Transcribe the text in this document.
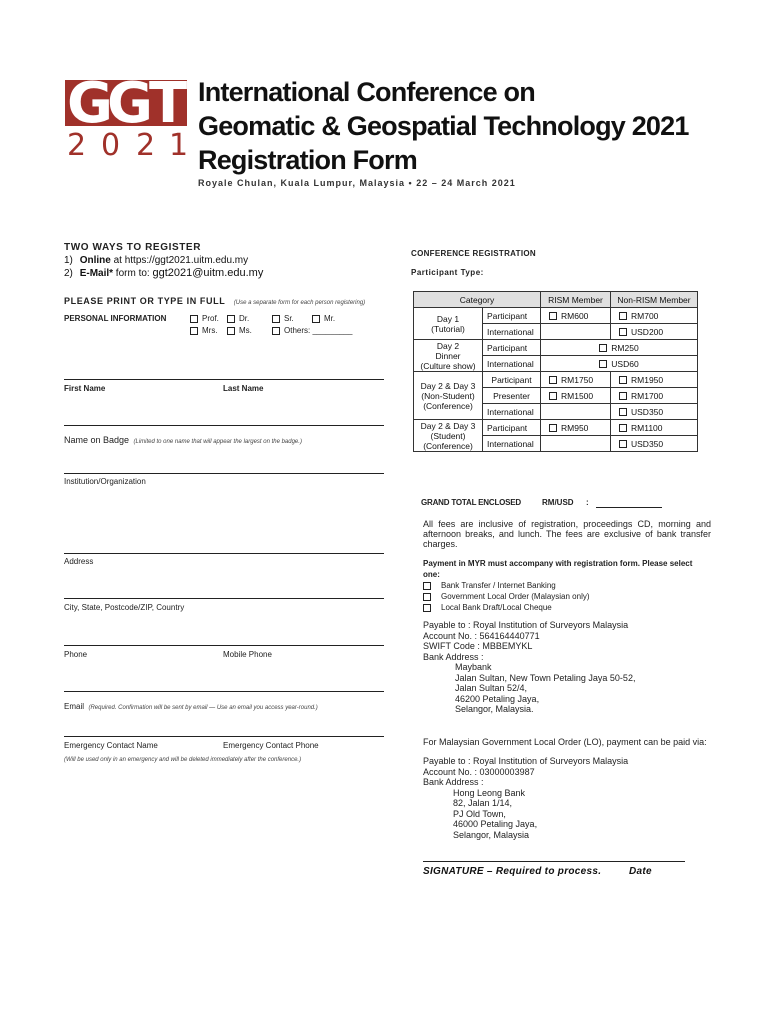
G
G
T
2 0 2 1
International Conference on
Geomatic & Geospatial Technology 2021
Registration Form
Royale Chulan, Kuala Lumpur, Malaysia • 22 – 24 March 2021
TWO WAYS TO REGISTER
1) Online at https://ggt2021.uitm.edu.my
2) E-Mail* form to: ggt2021@uitm.edu.my
PLEASE PRINT OR TYPE IN FULL (Use a separate form for each person registering)
PERSONAL INFORMATION	Prof.	Dr.	Sr.	Mr.
Mrs.	Ms.	Others: _________
First Name	Last Name
Name on Badge (Limited to one name that will appear the largest on the badge.)
Institution/Organization
Address
City, State, Postcode/ZIP, Country
Phone	Mobile Phone
Email (Required. Confirmation will be sent by email — Use an email you access year-round.)
Emergency Contact Name	Emergency Contact Phone
(Will be used only in an emergency and will be deleted immediately after the conference.)
CONFERENCE REGISTRATION
Participant Type:
Category		RISM Member	Non-RISM Member

Day 1
(Tutorial)	Participant	RM600	RM700
	International		USD200

Day 2
Dinner
(Culture show)	Participant	RM250	
	International	USD60	

Day 2 & Day 3
(Non-Student)
(Conference)	Participant	RM1750	RM1950
	Presenter	RM1500	RM1700
	International		USD350

Day 2 & Day 3
(Student)
(Conference)	Participant	RM950	RM1100
	International		USD350
GRAND TOTAL ENCLOSED	RM/USD :
All fees are inclusive of registration, proceedings CD, morning and afternoon breaks, and lunch. The fees are exclusive of bank transfer charges.
Payment in MYR must accompany with registration form. Please select one:
Bank Transfer / Internet Banking
Government Local Order (Malaysian only)
Local Bank Draft/Local Cheque
Payable to : Royal Institution of Surveyors Malaysia
Account No. : 564164440771
SWIFT Code : MBBEMYKL
Bank Address :
Maybank
Jalan Sultan, New Town Petaling Jaya 50-52,
Jalan Sultan 52/4,
46200 Petaling Jaya,
Selangor, Malaysia.
For Malaysian Government Local Order (LO), payment can be paid via:
Payable to : Royal Institution of Surveyors Malaysia
Account No. : 03000003987
Bank Address :
Hong Leong Bank
82, Jalan 1/14,
PJ Old Town,
46000 Petaling Jaya,
Selangor, Malaysia
SIGNATURE – Required to process.	Date
